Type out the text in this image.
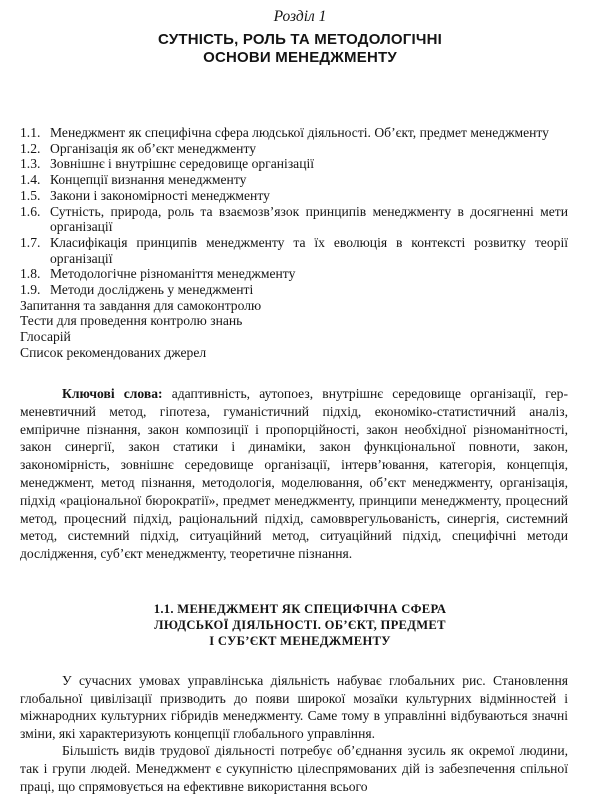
Розділ 1
СУТНІСТЬ, РОЛЬ ТА МЕТОДОЛОГІЧНІ
ОСНОВИ МЕНЕДЖМЕНТУ
1.1. Менеджмент як специфічна сфера людської діяльності. Об’єкт, предмет менеджменту
1.2. Організація як об’єкт менеджменту
1.3. Зовнішнє і внутрішнє середовище організації
1.4. Концепції визнання менеджменту
1.5. Закони і закономірності менеджменту
1.6. Сутність, природа, роль та взаємозв’язок принципів менеджменту в досягненні мети організації
1.7. Класифікація принципів менеджменту та їх еволюція в контексті розвитку теорії організації
1.8. Методологічне різноманіття менеджменту
1.9. Методи досліджень у менеджменті
Запитання та завдання для самоконтролю
Тести для проведення контролю знань
Глосарій
Список рекомендованих джерел
Ключові слова: адаптивність, аутопоез, внутрішнє середовище організації, герменевтичний метод, гіпотеза, гуманістичний підхід, економіко-статистичний аналіз, емпіричне пізнання, закон композиції і пропорційності, закон необхідної різноманітності, закон синергії, закон статики і динаміки, закон функціональної повноти, закон, закономірність, зовнішнє середовище організації, інтерв’ювання, категорія, концепція, менеджмент, метод пізнання, методологія, моделювання, об’єкт менеджменту, організація, підхід «раціональної бюрократії», предмет менеджменту, принципи менеджменту, процесний метод, процесний підхід, раціональний підхід, самовврегульованість, синергія, системний метод, системний підхід, ситуаційний метод, ситуаційний підхід, специфічні методи дослідження, суб’єкт менеджменту, теоретичне пізнання.
1.1. МЕНЕДЖМЕНТ ЯК СПЕЦИФІЧНА СФЕРА
ЛЮДСЬКОЇ ДІЯЛЬНОСТІ. ОБ’ЄКТ, ПРЕДМЕТ
І СУБ’ЄКТ МЕНЕДЖМЕНТУ

У сучасних умовах управлінська діяльність набуває глобальних рис. Становлення глобальної цивілізації призводить до появи широкої мозаїки культурних відмінностей і міжнародних культурних гібридів менеджменту. Саме тому в управлінні відбуваються значні зміни, які характеризують концепції глобального управління.

Більшість видів трудової діяльності потребує об’єднання зусиль як окремої людини, так і групи людей. Менеджмент є сукупністю цілеспрямованих дій із забезпечення спільної праці, що спрямовується на ефективне використання всього
